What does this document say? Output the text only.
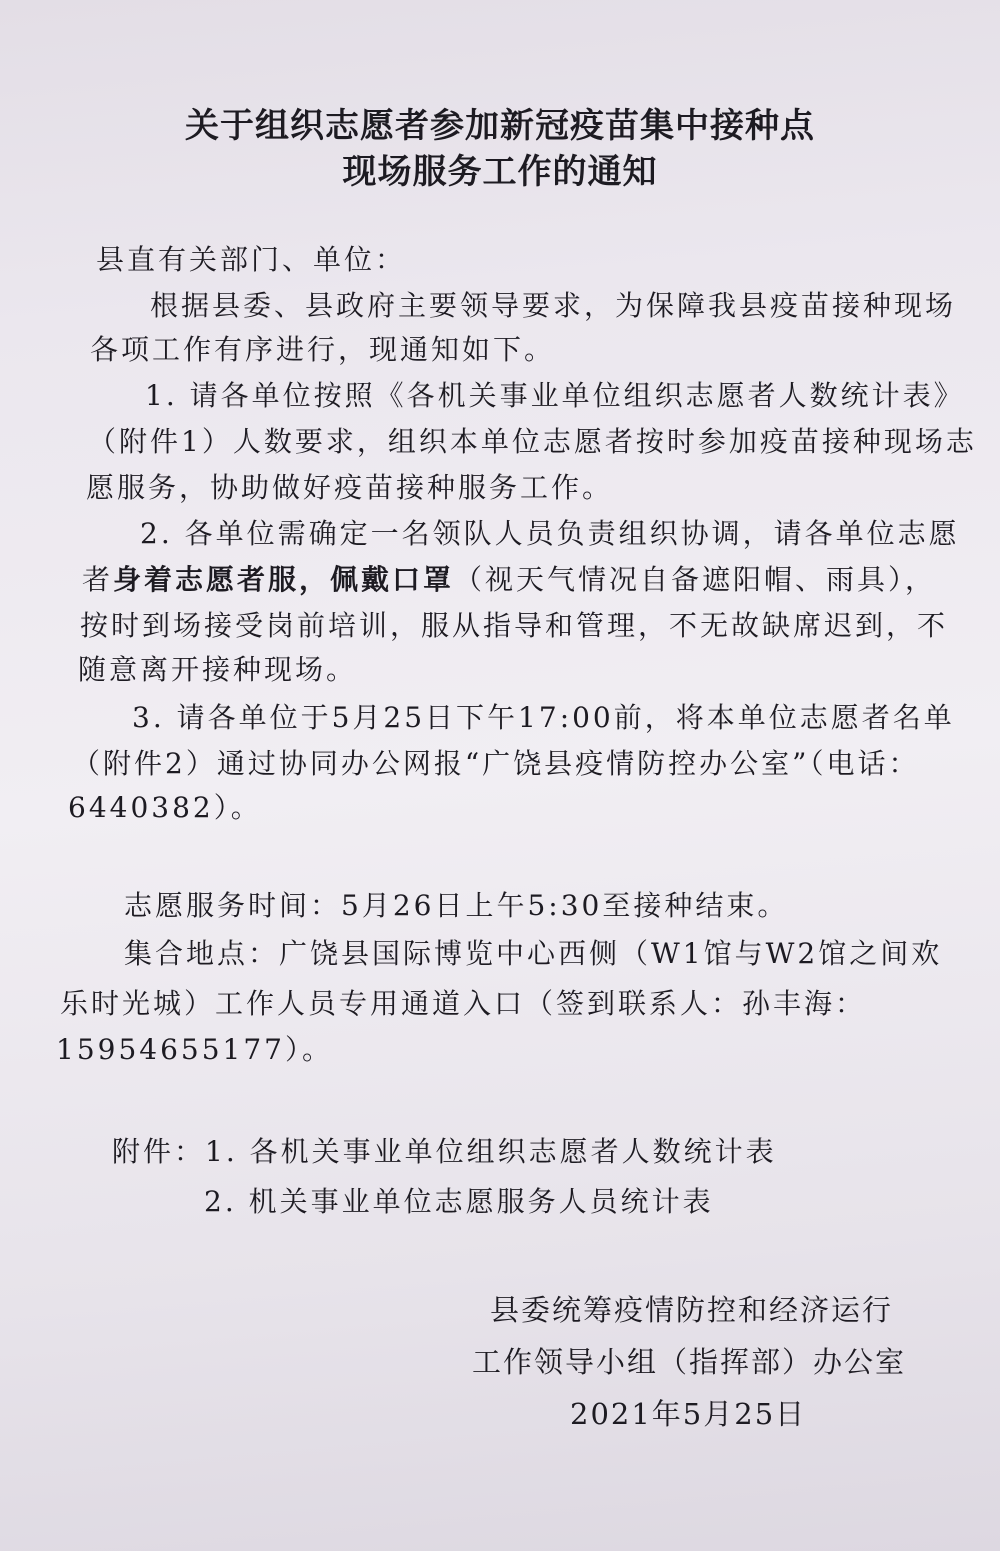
关于组织志愿者参加新冠疫苗集中接种点
现场服务工作的通知
县直有关部门、单位：
根据县委、县政府主要领导要求，为保障我县疫苗接种现场
各项工作有序进行，现通知如下。
1. 请各单位按照《各机关事业单位组织志愿者人数统计表》
（附件1）人数要求，组织本单位志愿者按时参加疫苗接种现场志
愿服务，协助做好疫苗接种服务工作。
2. 各单位需确定一名领队人员负责组织协调，请各单位志愿
者身着志愿者服，佩戴口罩（视天气情况自备遮阳帽、雨具），
按时到场接受岗前培训，服从指导和管理，不无故缺席迟到，不
随意离开接种现场。
3. 请各单位于5月25日下午17:00前，将本单位志愿者名单
（附件2）通过协同办公网报“广饶县疫情防控办公室”（电话：
6440382）。
志愿服务时间：5月26日上午5:30至接种结束。
集合地点：广饶县国际博览中心西侧（W1馆与W2馆之间欢
乐时光城）工作人员专用通道入口（签到联系人：孙丰海：
15954655177）。
附件：1. 各机关事业单位组织志愿者人数统计表
2. 机关事业单位志愿服务人员统计表
县委统筹疫情防控和经济运行
工作领导小组（指挥部）办公室
2021年5月25日
